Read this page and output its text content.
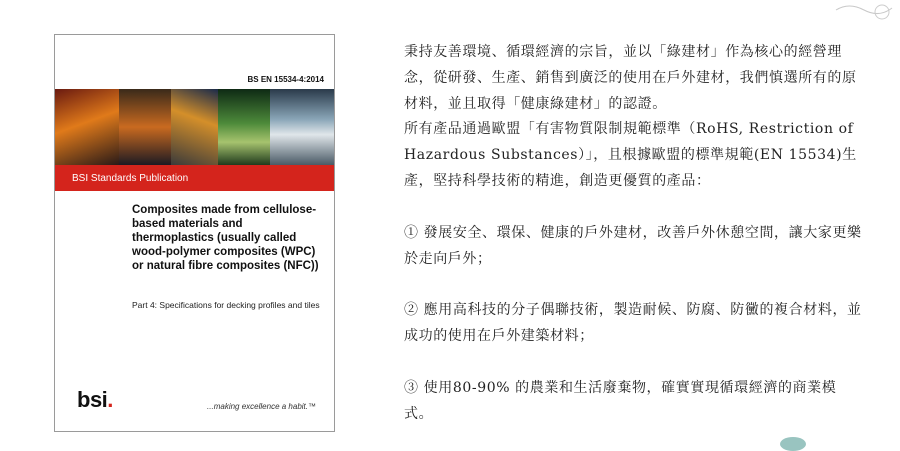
BS EN 15534-4:2014
BSI Standards Publication
Composites made from cellulose-based materials and thermoplastics (usually called wood-polymer composites (WPC) or natural fibre composites (NFC))
Part 4: Specifications for decking profiles and tiles
bsi.	...making excellence a habit.™

秉持友善環境、循環經濟的宗旨，並以「綠建材」作為核心的經營理念，從研發、生產、銷售到廣泛的使用在戶外建材，我們慎選所有的原材料，並且取得「健康綠建材」的認證。

所有產品通過歐盟「有害物質限制規範標準（RoHS, Restriction of Hazardous Substances）」，且根據歐盟的標準規範(EN 15534)生產，堅持科學技術的精進，創造更優質的產品：

① 發展安全、環保、健康的戶外建材，改善戶外休憩空間，讓大家更樂於走向戶外；

② 應用高科技的分子偶聯技術，製造耐候、防腐、防黴的複合材料，並成功的使用在戶外建築材料；

③ 使用80-90% 的農業和生活廢棄物，確實實現循環經濟的商業模式。
